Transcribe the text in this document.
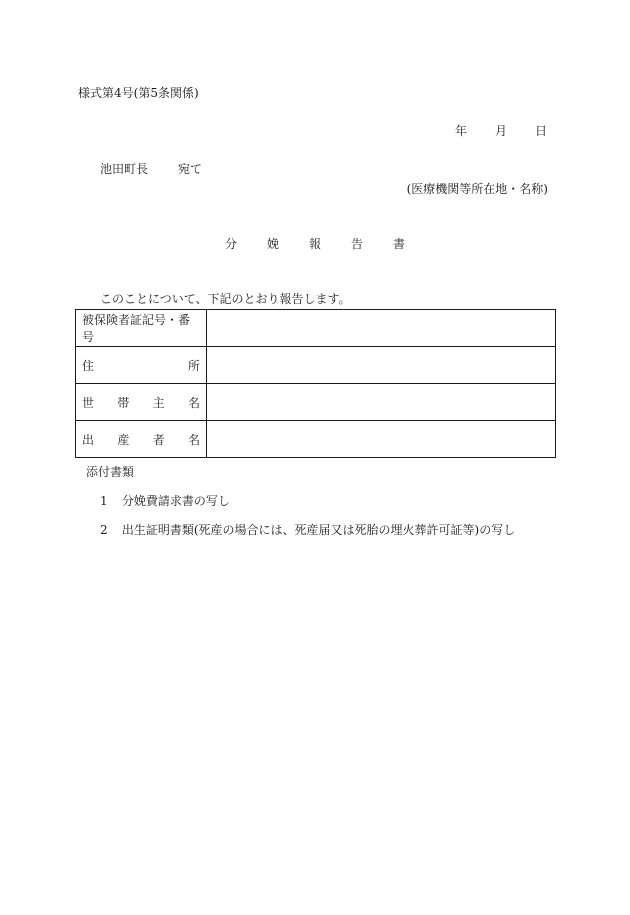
様式第4号(第5条関係)
年 月 日
池田町長	宛て
(医療機関等所在地・名称)
分娩報告書
このことについて、下記のとおり報告します。
被保険者証記号・番号	

住 所	

世 帯 主 名	

出 産 者 名	

添付書類
1 分娩費請求書の写し
2 出生証明書類(死産の場合には、死産届又は死胎の埋火葬許可証等)の写し
